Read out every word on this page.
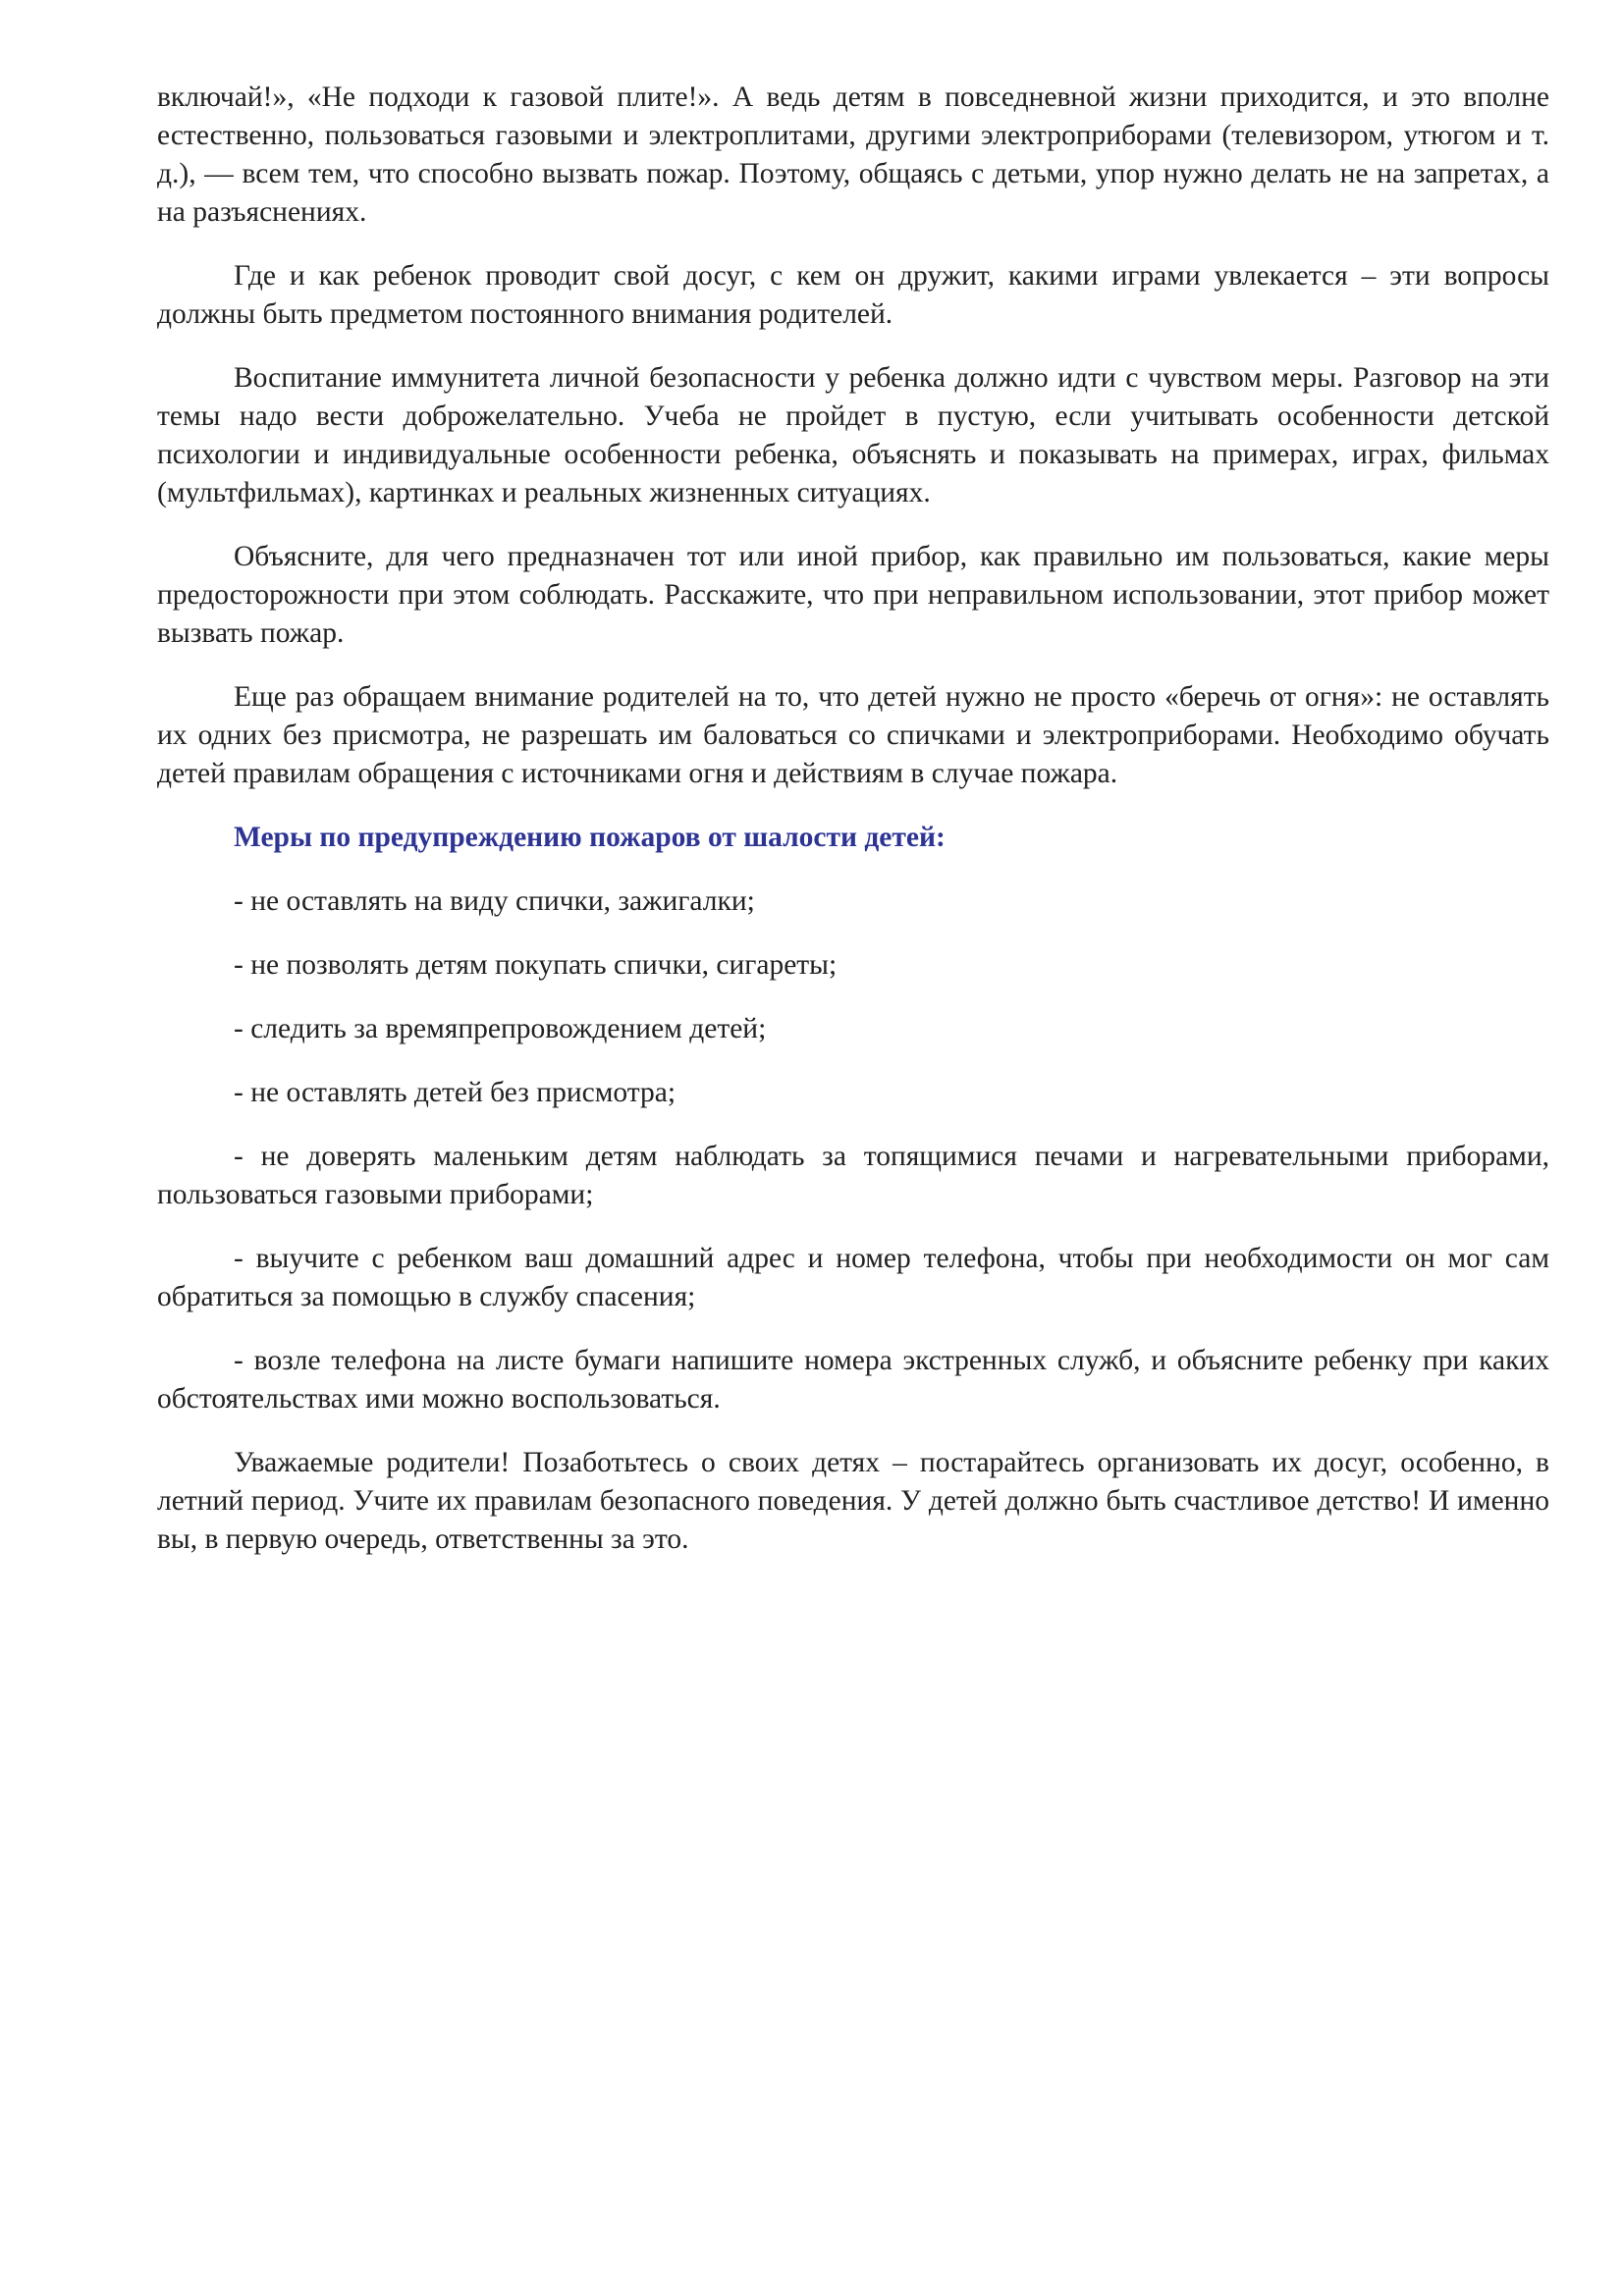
включай!», «Не подходи к газовой плите!». А ведь детям в повседневной жизни приходится, и это вполне естественно, пользоваться газовыми и электроплитами, другими электроприборами (телевизором, утюгом и т. д.), — всем тем, что способно вызвать пожар. Поэтому, общаясь с детьми, упор нужно делать не на запретах, а на разъяснениях.

Где и как ребенок проводит свой досуг, с кем он дружит, какими играми увлекается – эти вопросы должны быть предметом постоянного внимания родителей.

Воспитание иммунитета личной безопасности у ребенка должно идти с чувством меры. Разговор на эти темы надо вести доброжелательно. Учеба не пройдет в пустую, если учитывать особенности детской психологии и индивидуальные особенности ребенка, объяснять и показывать на примерах, играх, фильмах (мультфильмах), картинках и реальных жизненных ситуациях.

Объясните, для чего предназначен тот или иной прибор, как правильно им пользоваться, какие меры предосторожности при этом соблюдать. Расскажите, что при неправильном использовании, этот прибор может вызвать пожар.

Еще раз обращаем внимание родителей на то, что детей нужно не просто «беречь от огня»: не оставлять их одних без присмотра, не разрешать им баловаться со спичками и электроприборами. Необходимо обучать детей правилам обращения с источниками огня и действиям в случае пожара.

Меры по предупреждению пожаров от шалости детей:

- не оставлять на виду спички, зажигалки;

- не позволять детям покупать спички, сигареты;

- следить за времяпрепровождением детей;

- не оставлять детей без присмотра;

- не доверять маленьким детям наблюдать за топящимися печами и нагревательными приборами, пользоваться газовыми приборами;

- выучите с ребенком ваш домашний адрес и номер телефона, чтобы при необходимости он мог сам обратиться за помощью в службу спасения;

- возле телефона на листе бумаги напишите номера экстренных служб, и объясните ребенку при каких обстоятельствах ими можно воспользоваться.

Уважаемые родители! Позаботьтесь о своих детях – постарайтесь организовать их досуг, особенно, в летний период. Учите их правилам безопасного поведения. У детей должно быть счастливое детство! И именно вы, в первую очередь, ответственны за это.
